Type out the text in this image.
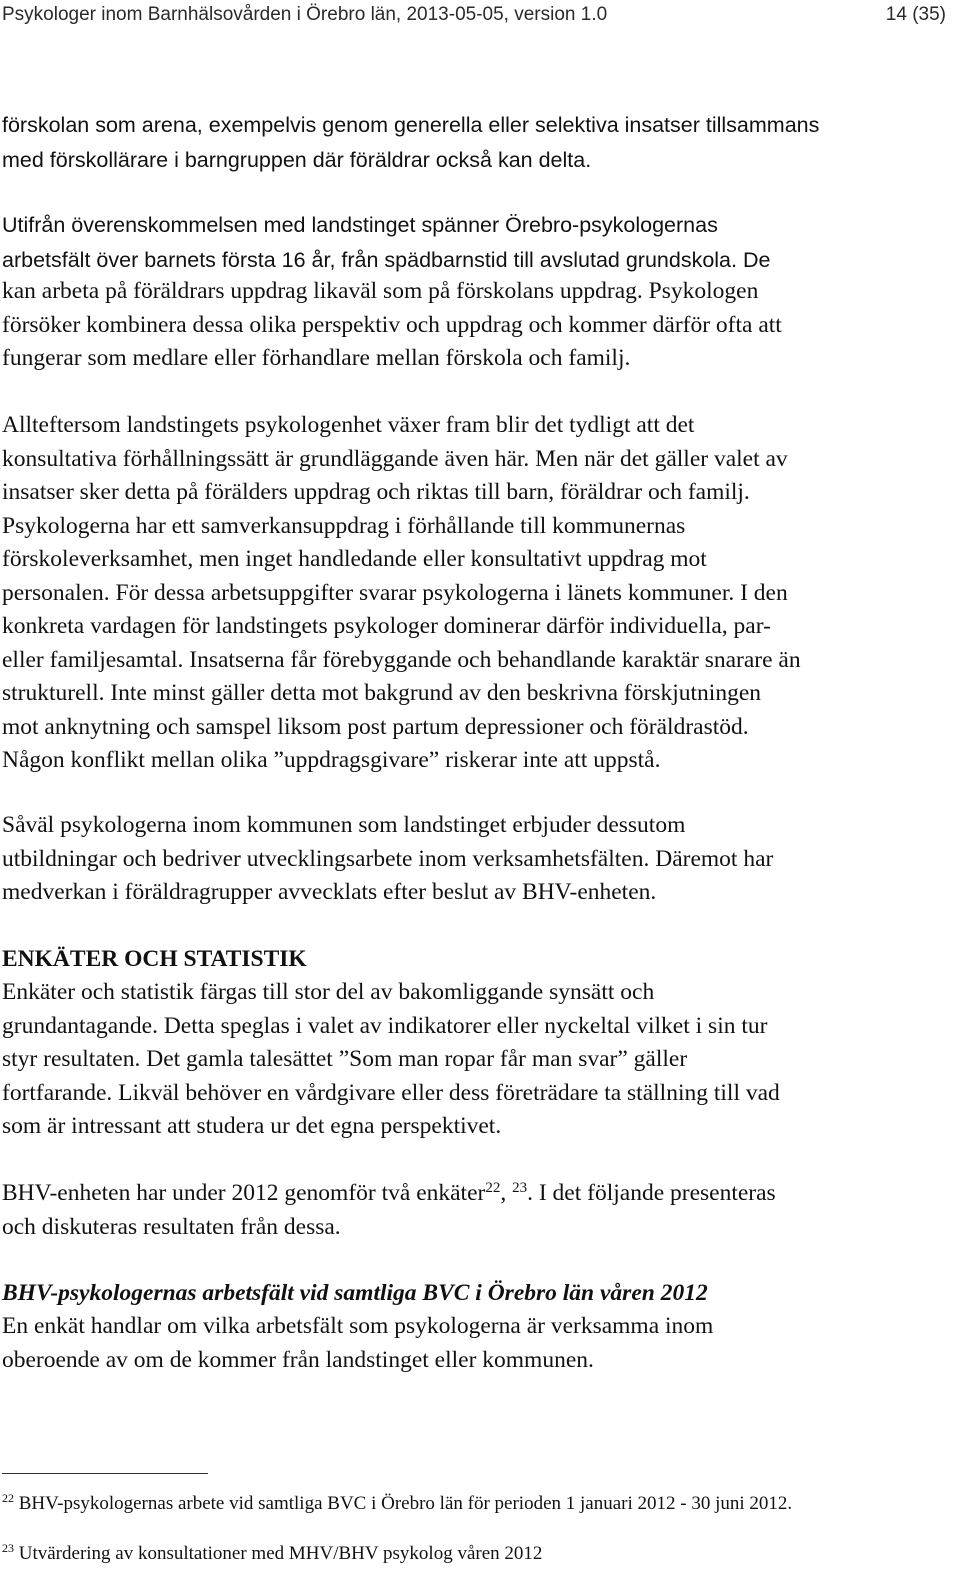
Psykologer inom Barnhälsovården i Örebro län, 2013-05-05, version 1.0	14 (35)
förskolan som arena, exempelvis genom generella eller selektiva insatser tillsammans
med förskollärare i barngruppen där föräldrar också kan delta.
Utifrån överenskommelsen med landstinget spänner Örebro-psykologernas
arbetsfält över barnets första 16 år, från spädbarnstid till avslutad grundskola. De
kan arbeta på föräldrars uppdrag likaväl som på förskolans uppdrag. Psykologen
försöker kombinera dessa olika perspektiv och uppdrag och kommer därför ofta att
fungerar som medlare eller förhandlare mellan förskola och familj.
Allteftersom landstingets psykologenhet växer fram blir det tydligt att det
konsultativa förhållningssätt är grundläggande även här. Men när det gäller valet av
insatser sker detta på förälders uppdrag och riktas till barn, föräldrar och familj.
Psykologerna har ett samverkansuppdrag i förhållande till kommunernas
förskoleverksamhet, men inget handledande eller konsultativt uppdrag mot
personalen. För dessa arbetsuppgifter svarar psykologerna i länets kommuner. I den
konkreta vardagen för landstingets psykologer dominerar därför individuella, par-
eller familjesamtal. Insatserna får förebyggande och behandlande karaktär snarare än
strukturell. Inte minst gäller detta mot bakgrund av den beskrivna förskjutningen
mot anknytning och samspel liksom post partum depressioner och föräldrastöd.
Någon konflikt mellan olika ”uppdragsgivare” riskerar inte att uppstå.
Såväl psykologerna inom kommunen som landstinget erbjuder dessutom
utbildningar och bedriver utvecklingsarbete inom verksamhetsfälten. Däremot har
medverkan i föräldragrupper avvecklats efter beslut av BHV-enheten.
ENKÄTER OCH STATISTIK
Enkäter och statistik färgas till stor del av bakomliggande synsätt och
grundantagande. Detta speglas i valet av indikatorer eller nyckeltal vilket i sin tur
styr resultaten. Det gamla talesättet ”Som man ropar får man svar” gäller
fortfarande. Likväl behöver en vårdgivare eller dess företrädare ta ställning till vad
som är intressant att studera ur det egna perspektivet.
BHV-enheten har under 2012 genomför två enkäter$^{22}$, $^{23}$. I det följande presenteras
och diskuteras resultaten från dessa.
BHV-psykologernas arbetsfält vid samtliga BVC i Örebro län våren 2012
En enkät handlar om vilka arbetsfält som psykologerna är verksamma inom
oberoende av om de kommer från landstinget eller kommunen.
$^{22}$ BHV-psykologernas arbete vid samtliga BVC i Örebro län för perioden 1 januari 2012 - 30 juni 2012.
$^{23}$ Utvärdering av konsultationer med MHV/BHV psykolog våren 2012
